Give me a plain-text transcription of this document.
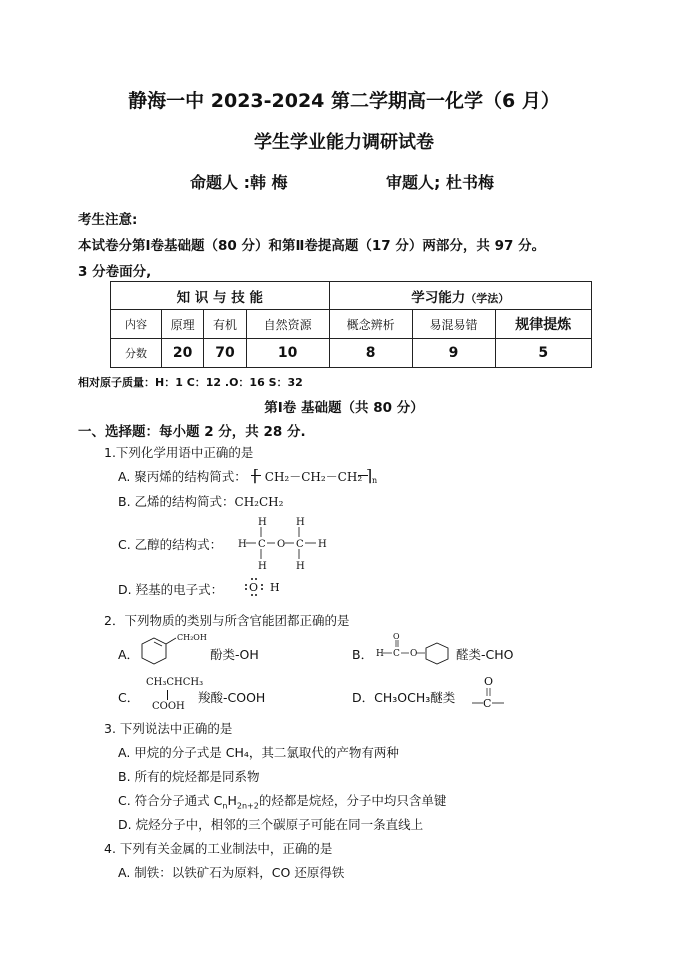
静海一中 2023-2024 第二学期高一化学（6 月）
学生学业能力调研试卷
命题人 :韩 梅	审题人; 杜书梅
考生注意:
本试卷分第Ⅰ卷基础题（80 分）和第Ⅱ卷提高题（17 分）两部分，共 97 分。
3 分卷面分,
知 识 与 技 能				学习能力（学法）		
内容	原理	有机	自然资源	概念辨析	易混易错	规律提炼
分数	20	70	10	8	9	5
相对原子质量：H：1 C：12 .O：16 S：32
第Ⅰ卷 基础题（共 80 分）
一、选择题：每小题 2 分，共 28 分.
1.下列化学用语中正确的是
A. 聚丙烯的结构简式： ⌈ CH₂－CH₂－CH₂ ⌉ n
B. 乙烯的结构简式：CH₂CH₂
C. 乙醇的结构式：
H	H
H C O C H
H	H
D. 羟基的电子式： O H
2．下列物质的类别与所含官能团都正确的是
A．
CH₂OH
酚类-OH	B． H C
O
O	醛类-CHO
C．
CH₃CHCH₃
COOH
羧酸-COOH	D．CH₃OCH₃醚类
O
C
3. 下列说法中正确的是
A. 甲烷的分子式是 CH₄，其二氯取代的产物有两种
B. 所有的烷烃都是同系物
C. 符合分子通式 $C_nH_{2n+2}$的烃都是烷烃，分子中均只含单键
D. 烷烃分子中，相邻的三个碳原子可能在同一条直线上
4. 下列有关金属的工业制法中，正确的是
A. 制铁：以铁矿石为原料，CO 还原得铁
